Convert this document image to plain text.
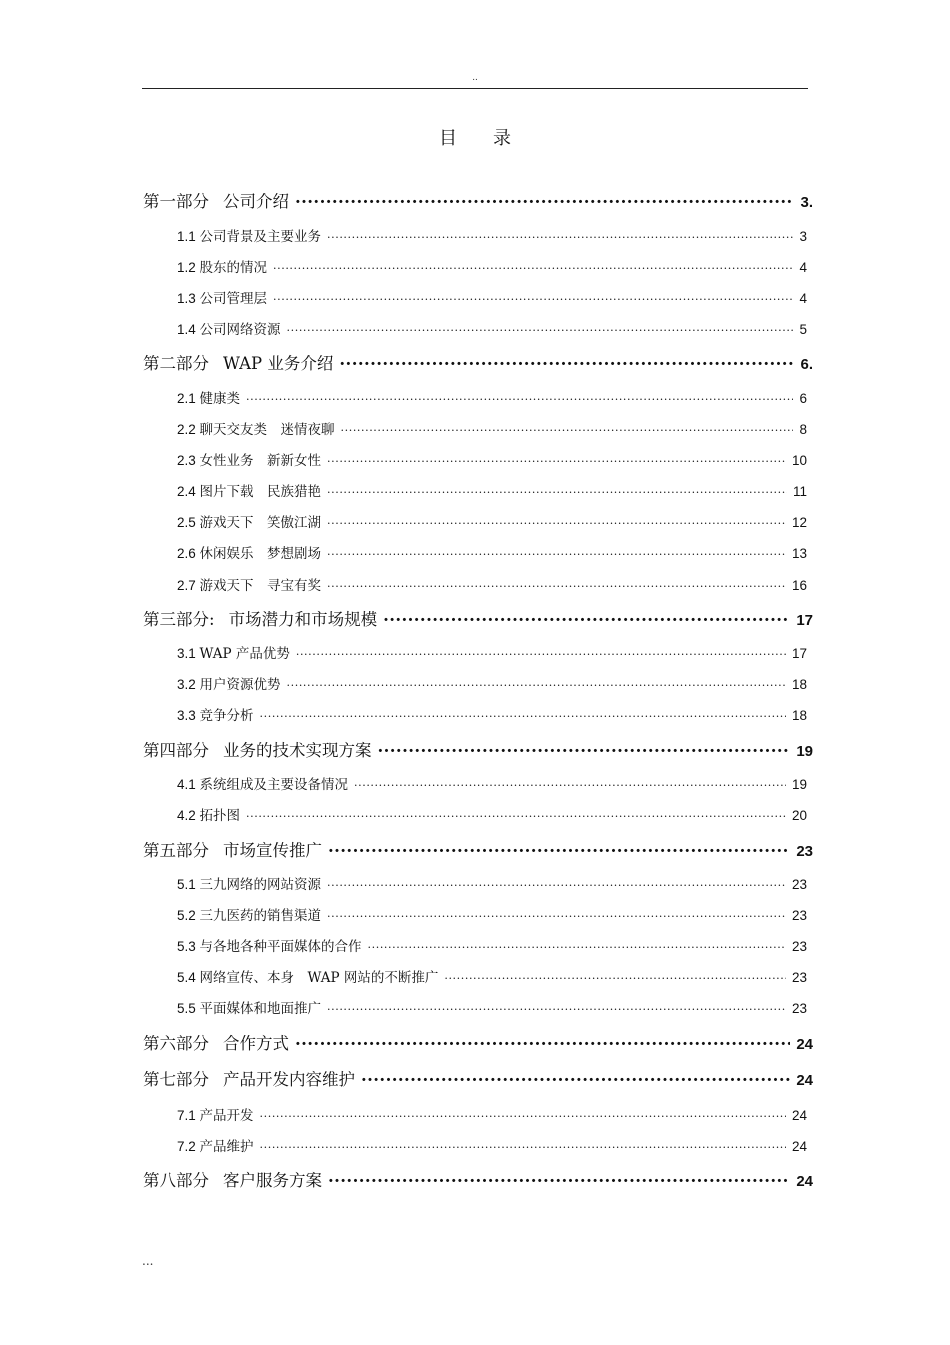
..
目录
第一部分 公司介绍 .....	3.
1.1 公司背景及主要业务 .....	3
1.2 股东的情况 .....	4
1.3 公司管理层 .....	4
1.4 公司网络资源 .....	5
第二部分 WAP 业务介绍 .....	6.
2.1 健康类 .....	6
2.2 聊天交友类　迷情夜聊 .....	8
2.3 女性业务　新新女性 .....	10
2.4 图片下载　民族猎艳 .....	11
2.5 游戏天下　笑傲江湖 .....	12
2.6 休闲娱乐　梦想剧场 .....	13
2.7 游戏天下　寻宝有奖 .....	16
第三部分: 市场潜力和市场规模 .....	17
3.1 WAP 产品优势 .....	17
3.2 用户资源优势 .....	18
3.3 竞争分析 .....	18
第四部分 业务的技术实现方案 .....	19
4.1 系统组成及主要设备情况 .....	19
4.2 拓扑图 .....	20
第五部分 市场宣传推广 .....	23
5.1 三九网络的网站资源 .....	23
5.2 三九医药的销售渠道 .....	23
5.3 与各地各种平面媒体的合作 .....	23
5.4 网络宣传、本身　WAP 网站的不断推广 .....	23
5.5 平面媒体和地面推广 .....	23
第六部分 合作方式 .....	24
第七部分 产品开发内容维护 .....	24
7.1 产品开发 .....	24
7.2 产品维护 .....	24
第八部分 客户服务方案 .....	24
...
